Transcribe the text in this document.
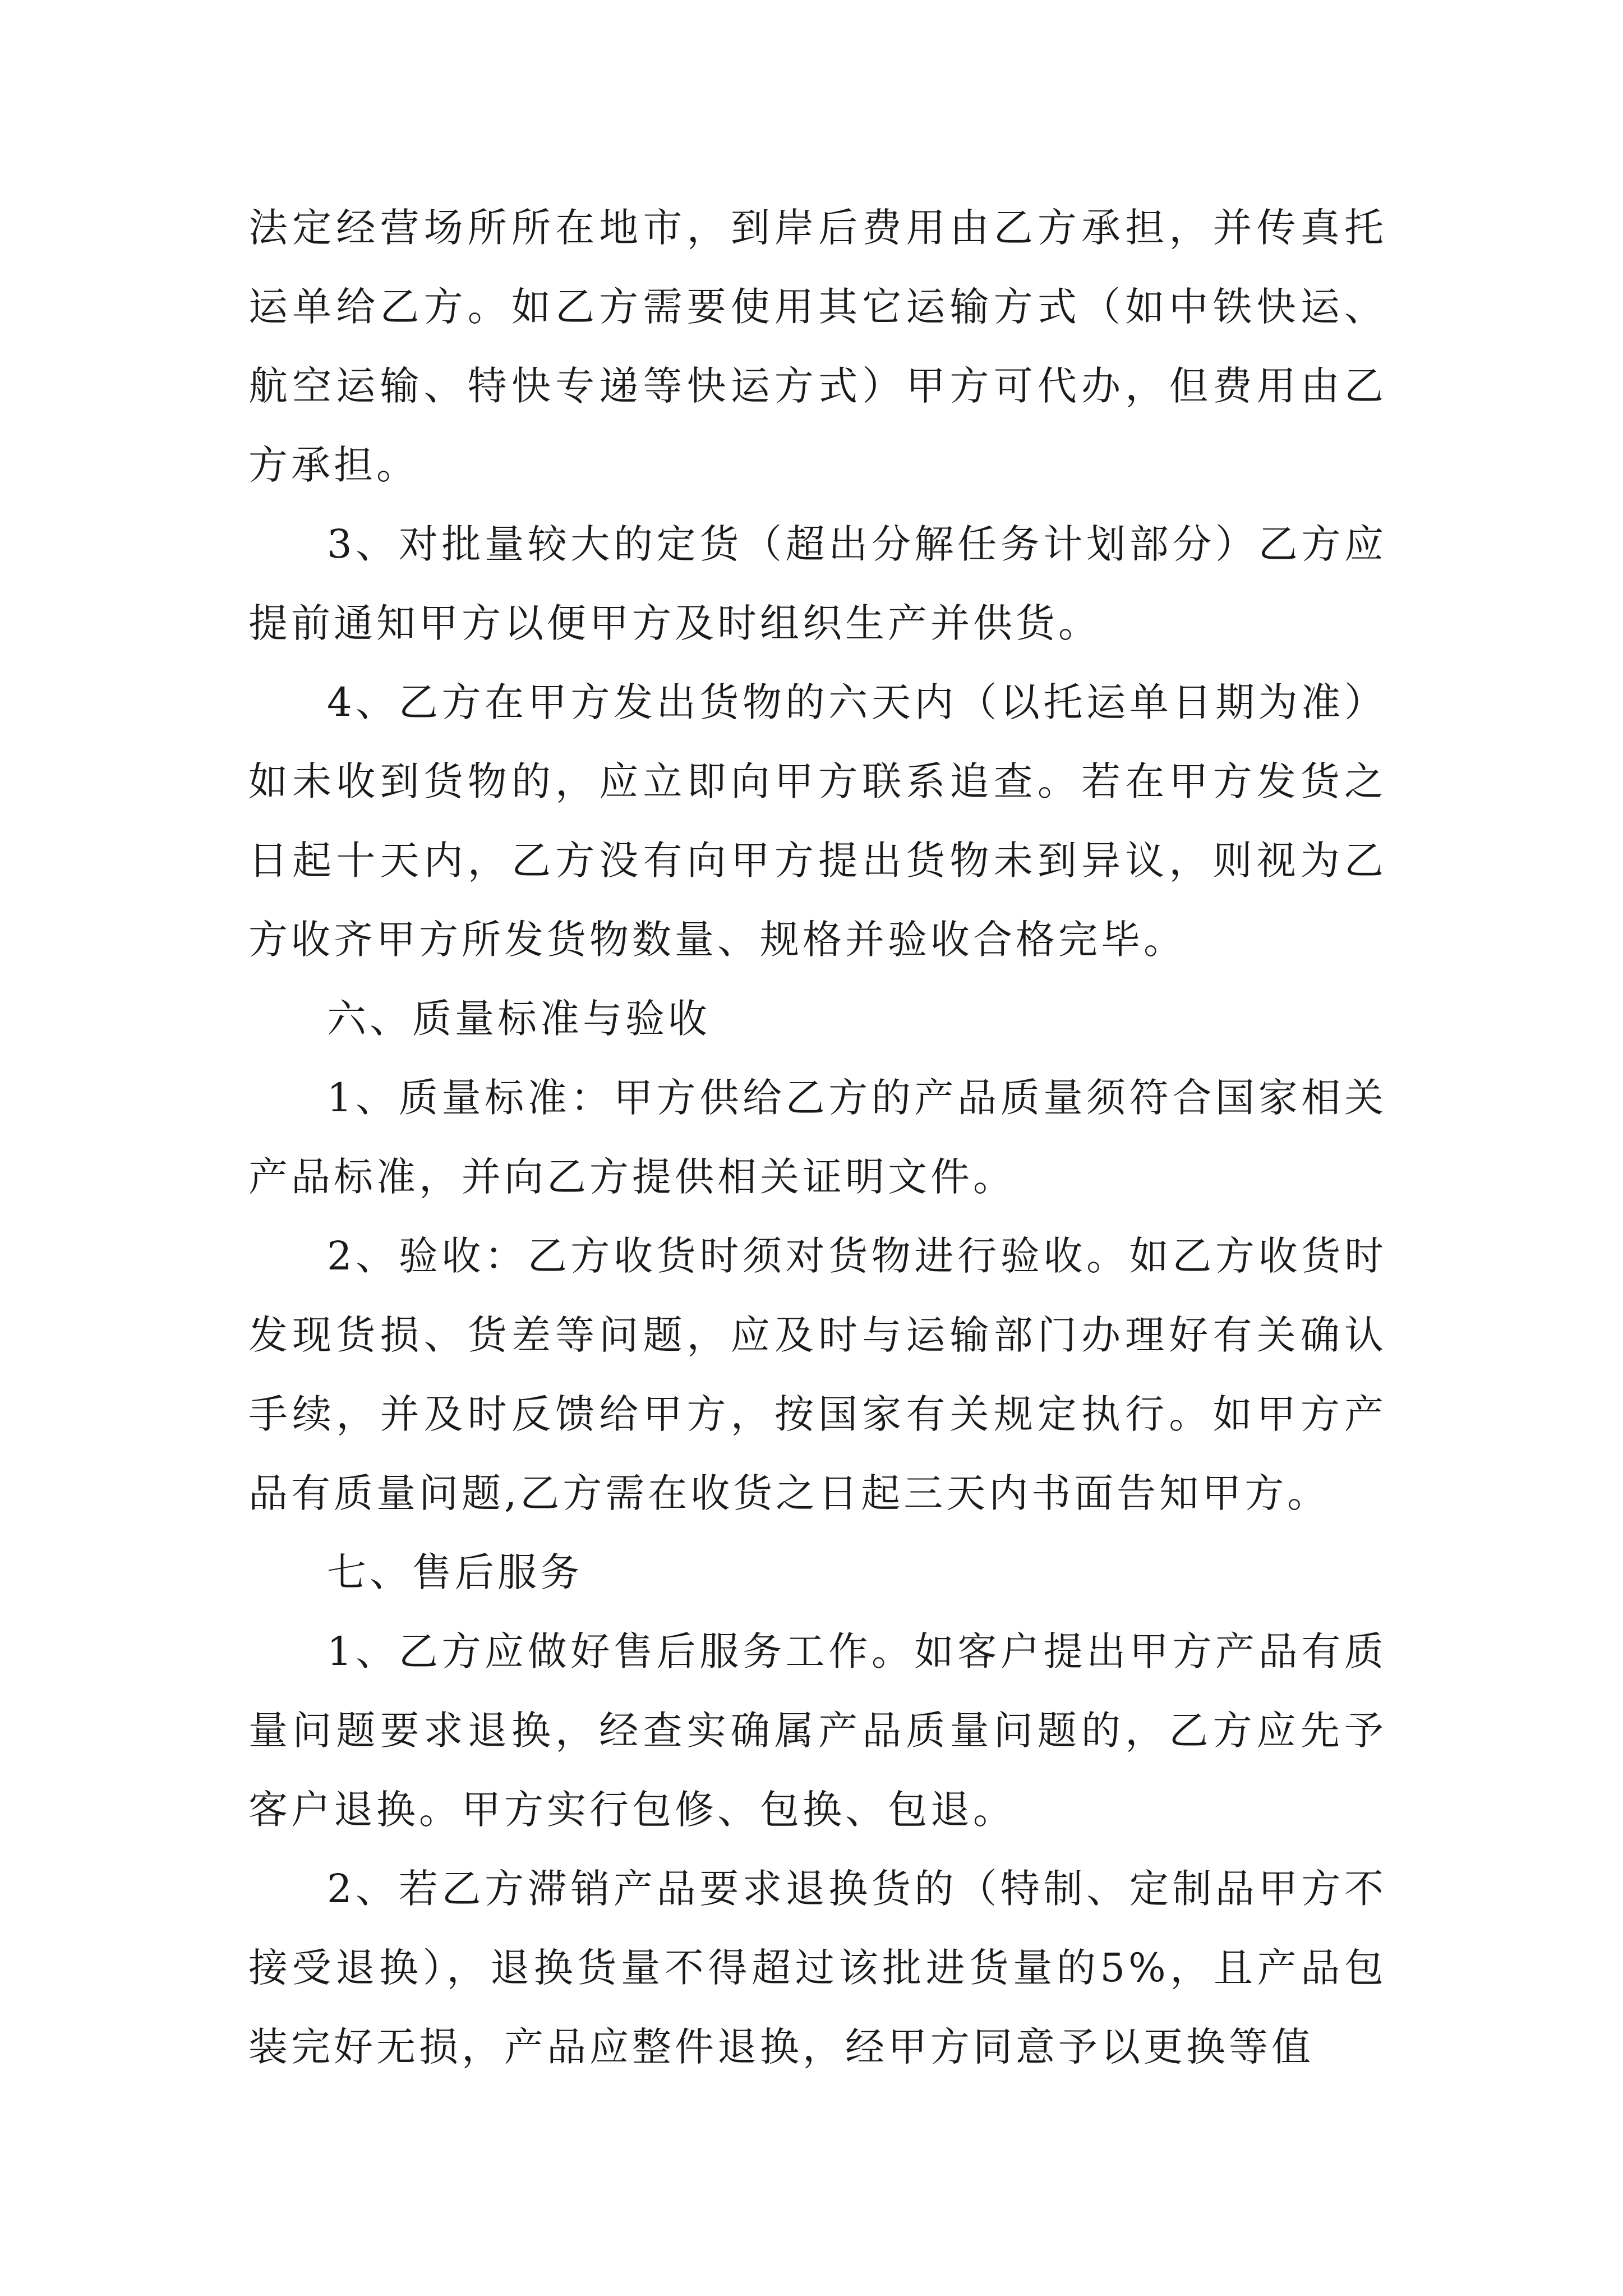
法定经营场所所在地市，到岸后费用由乙方承担，并传真托运单给乙方。如乙方需要使用其它运输方式（如中铁快运、航空运输、特快专递等快运方式）甲方可代办，但费用由乙方承担。

3、对批量较大的定货（超出分解任务计划部分）乙方应提前通知甲方以便甲方及时组织生产并供货。

4、乙方在甲方发出货物的六天内（以托运单日期为准）如未收到货物的，应立即向甲方联系追查。若在甲方发货之日起十天内，乙方没有向甲方提出货物未到异议，则视为乙方收齐甲方所发货物数量、规格并验收合格完毕。

六、质量标准与验收

1、质量标准：甲方供给乙方的产品质量须符合国家相关产品标准，并向乙方提供相关证明文件。

2、验收：乙方收货时须对货物进行验收。如乙方收货时发现货损、货差等问题，应及时与运输部门办理好有关确认手续，并及时反馈给甲方，按国家有关规定执行。如甲方产品有质量问题,乙方需在收货之日起三天内书面告知甲方。

七、售后服务

1、乙方应做好售后服务工作。如客户提出甲方产品有质量问题要求退换，经查实确属产品质量问题的，乙方应先予客户退换。甲方实行包修、包换、包退。

2、若乙方滞销产品要求退换货的（特制、定制品甲方不接受退换），退换货量不得超过该批进货量的5%，且产品包装完好无损，产品应整件退换，经甲方同意予以更换等值
